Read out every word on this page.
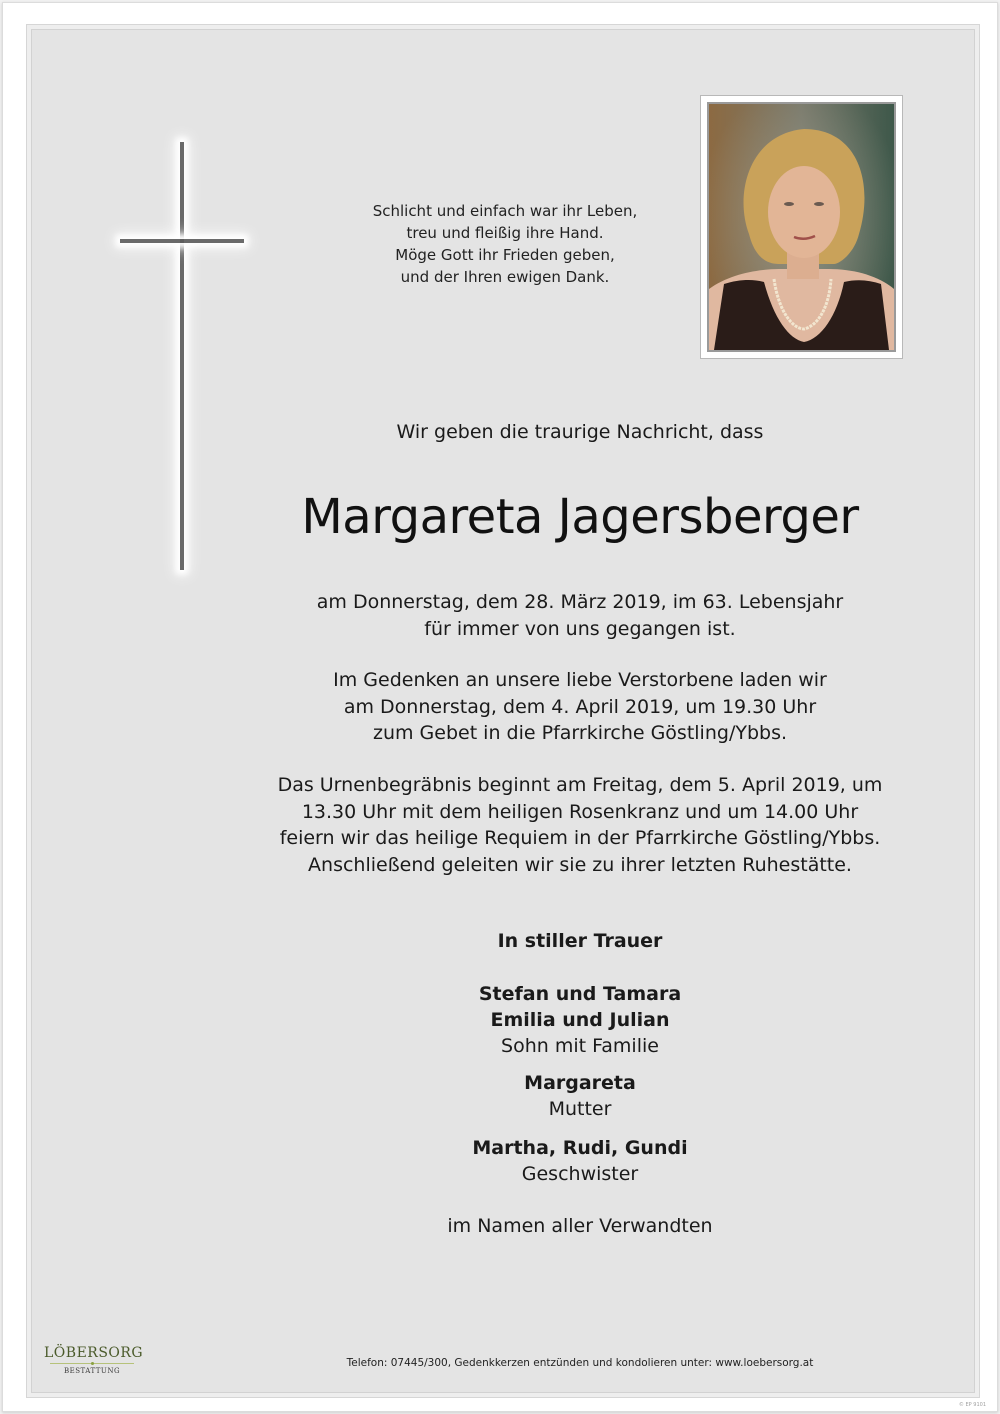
Schlicht und einfach war ihr Leben,
treu und fleißig ihre Hand.
Möge Gott ihr Frieden geben,
und der Ihren ewigen Dank.
Wir geben die traurige Nachricht, dass
Margareta Jagersberger
am Donnerstag, dem 28. März 2019, im 63. Lebensjahr
für immer von uns gegangen ist.
Im Gedenken an unsere liebe Verstorbene laden wir
am Donnerstag, dem 4. April 2019, um 19.30 Uhr
zum Gebet in die Pfarrkirche Göstling/Ybbs.
Das Urnenbegräbnis beginnt am Freitag, dem 5. April 2019, um
13.30 Uhr mit dem heiligen Rosenkranz und um 14.00 Uhr
feiern wir das heilige Requiem in der Pfarrkirche Göstling/Ybbs.
Anschließend geleiten wir sie zu ihrer letzten Ruhestätte.
In stiller Trauer
Stefan und Tamara
Emilia und Julian
Sohn mit Familie
Margareta
Mutter
Martha, Rudi, Gundi
Geschwister
im Namen aller Verwandten
LÖBERSORG
BESTATTUNG
Telefon: 07445/300, Gedenkkerzen entzünden und kondolieren unter: www.loebersorg.at
© EP 9101
